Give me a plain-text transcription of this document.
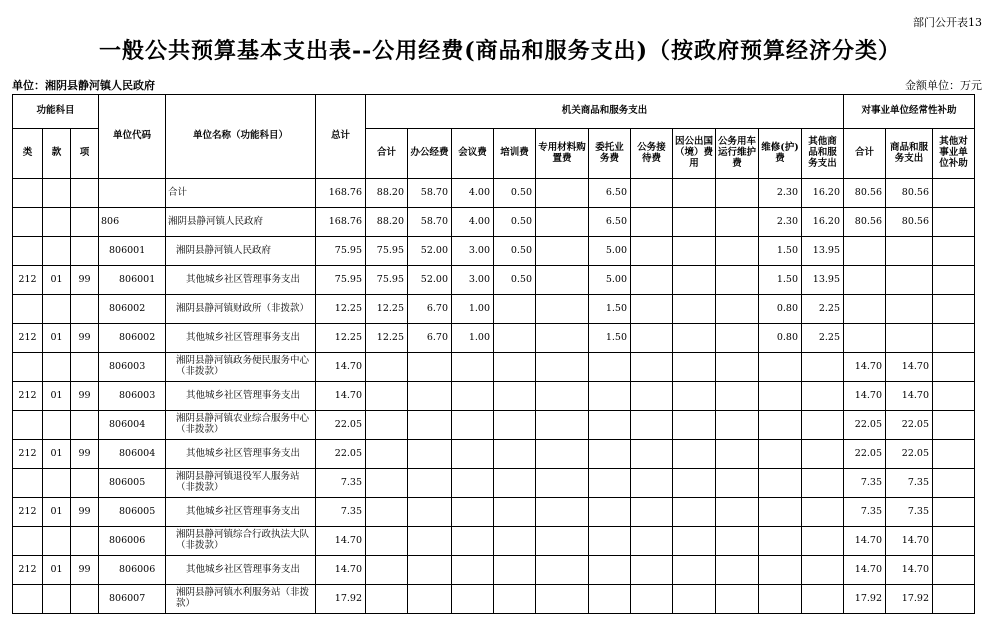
部门公开表13
一般公共预算基本支出表--公用经费(商品和服务支出)（按政府预算经济分类）
单位：湘阴县静河镇人民政府	金额单位：万元
功能科目			单位代码	单位名称（功能科目）	总计	机关商品和服务支出											对事业单位经常性补助		
类	款	项				合计	办公经费	会议费	培训费	专用材料购置费	委托业务费	公务接待费	因公出国（境）费用	公务用车运行维护费	维修(护)费	其他商品和服务支出	合计	商品和服务支出	其他对事业单位补助
				合计	168.76	88.20	58.70	4.00	0.50		6.50				2.30	16.20	80.56	80.56	
			806	湘阴县静河镇人民政府	168.76	88.20	58.70	4.00	0.50		6.50				2.30	16.20	80.56	80.56	
			806001	湘阴县静河镇人民政府	75.95	75.95	52.00	3.00	0.50		5.00				1.50	13.95			
212	01	99	806001	其他城乡社区管理事务支出	75.95	75.95	52.00	3.00	0.50		5.00				1.50	13.95			
			806002	湘阴县静河镇财政所（非拨款）	12.25	12.25	6.70	1.00			1.50				0.80	2.25			
212	01	99	806002	其他城乡社区管理事务支出	12.25	12.25	6.70	1.00			1.50				0.80	2.25			
			806003	湘阴县静河镇政务便民服务中心（非拨款）	14.70												14.70	14.70	
212	01	99	806003	其他城乡社区管理事务支出	14.70												14.70	14.70	
			806004	湘阴县静河镇农业综合服务中心（非拨款）	22.05												22.05	22.05	
212	01	99	806004	其他城乡社区管理事务支出	22.05												22.05	22.05	
			806005	湘阴县静河镇退役军人服务站（非拨款）	7.35												7.35	7.35	
212	01	99	806005	其他城乡社区管理事务支出	7.35												7.35	7.35	
			806006	湘阴县静河镇综合行政执法大队（非拨款）	14.70												14.70	14.70	
212	01	99	806006	其他城乡社区管理事务支出	14.70												14.70	14.70	
			806007	湘阴县静河镇水利服务站（非拨款）	17.92												17.92	17.92	
